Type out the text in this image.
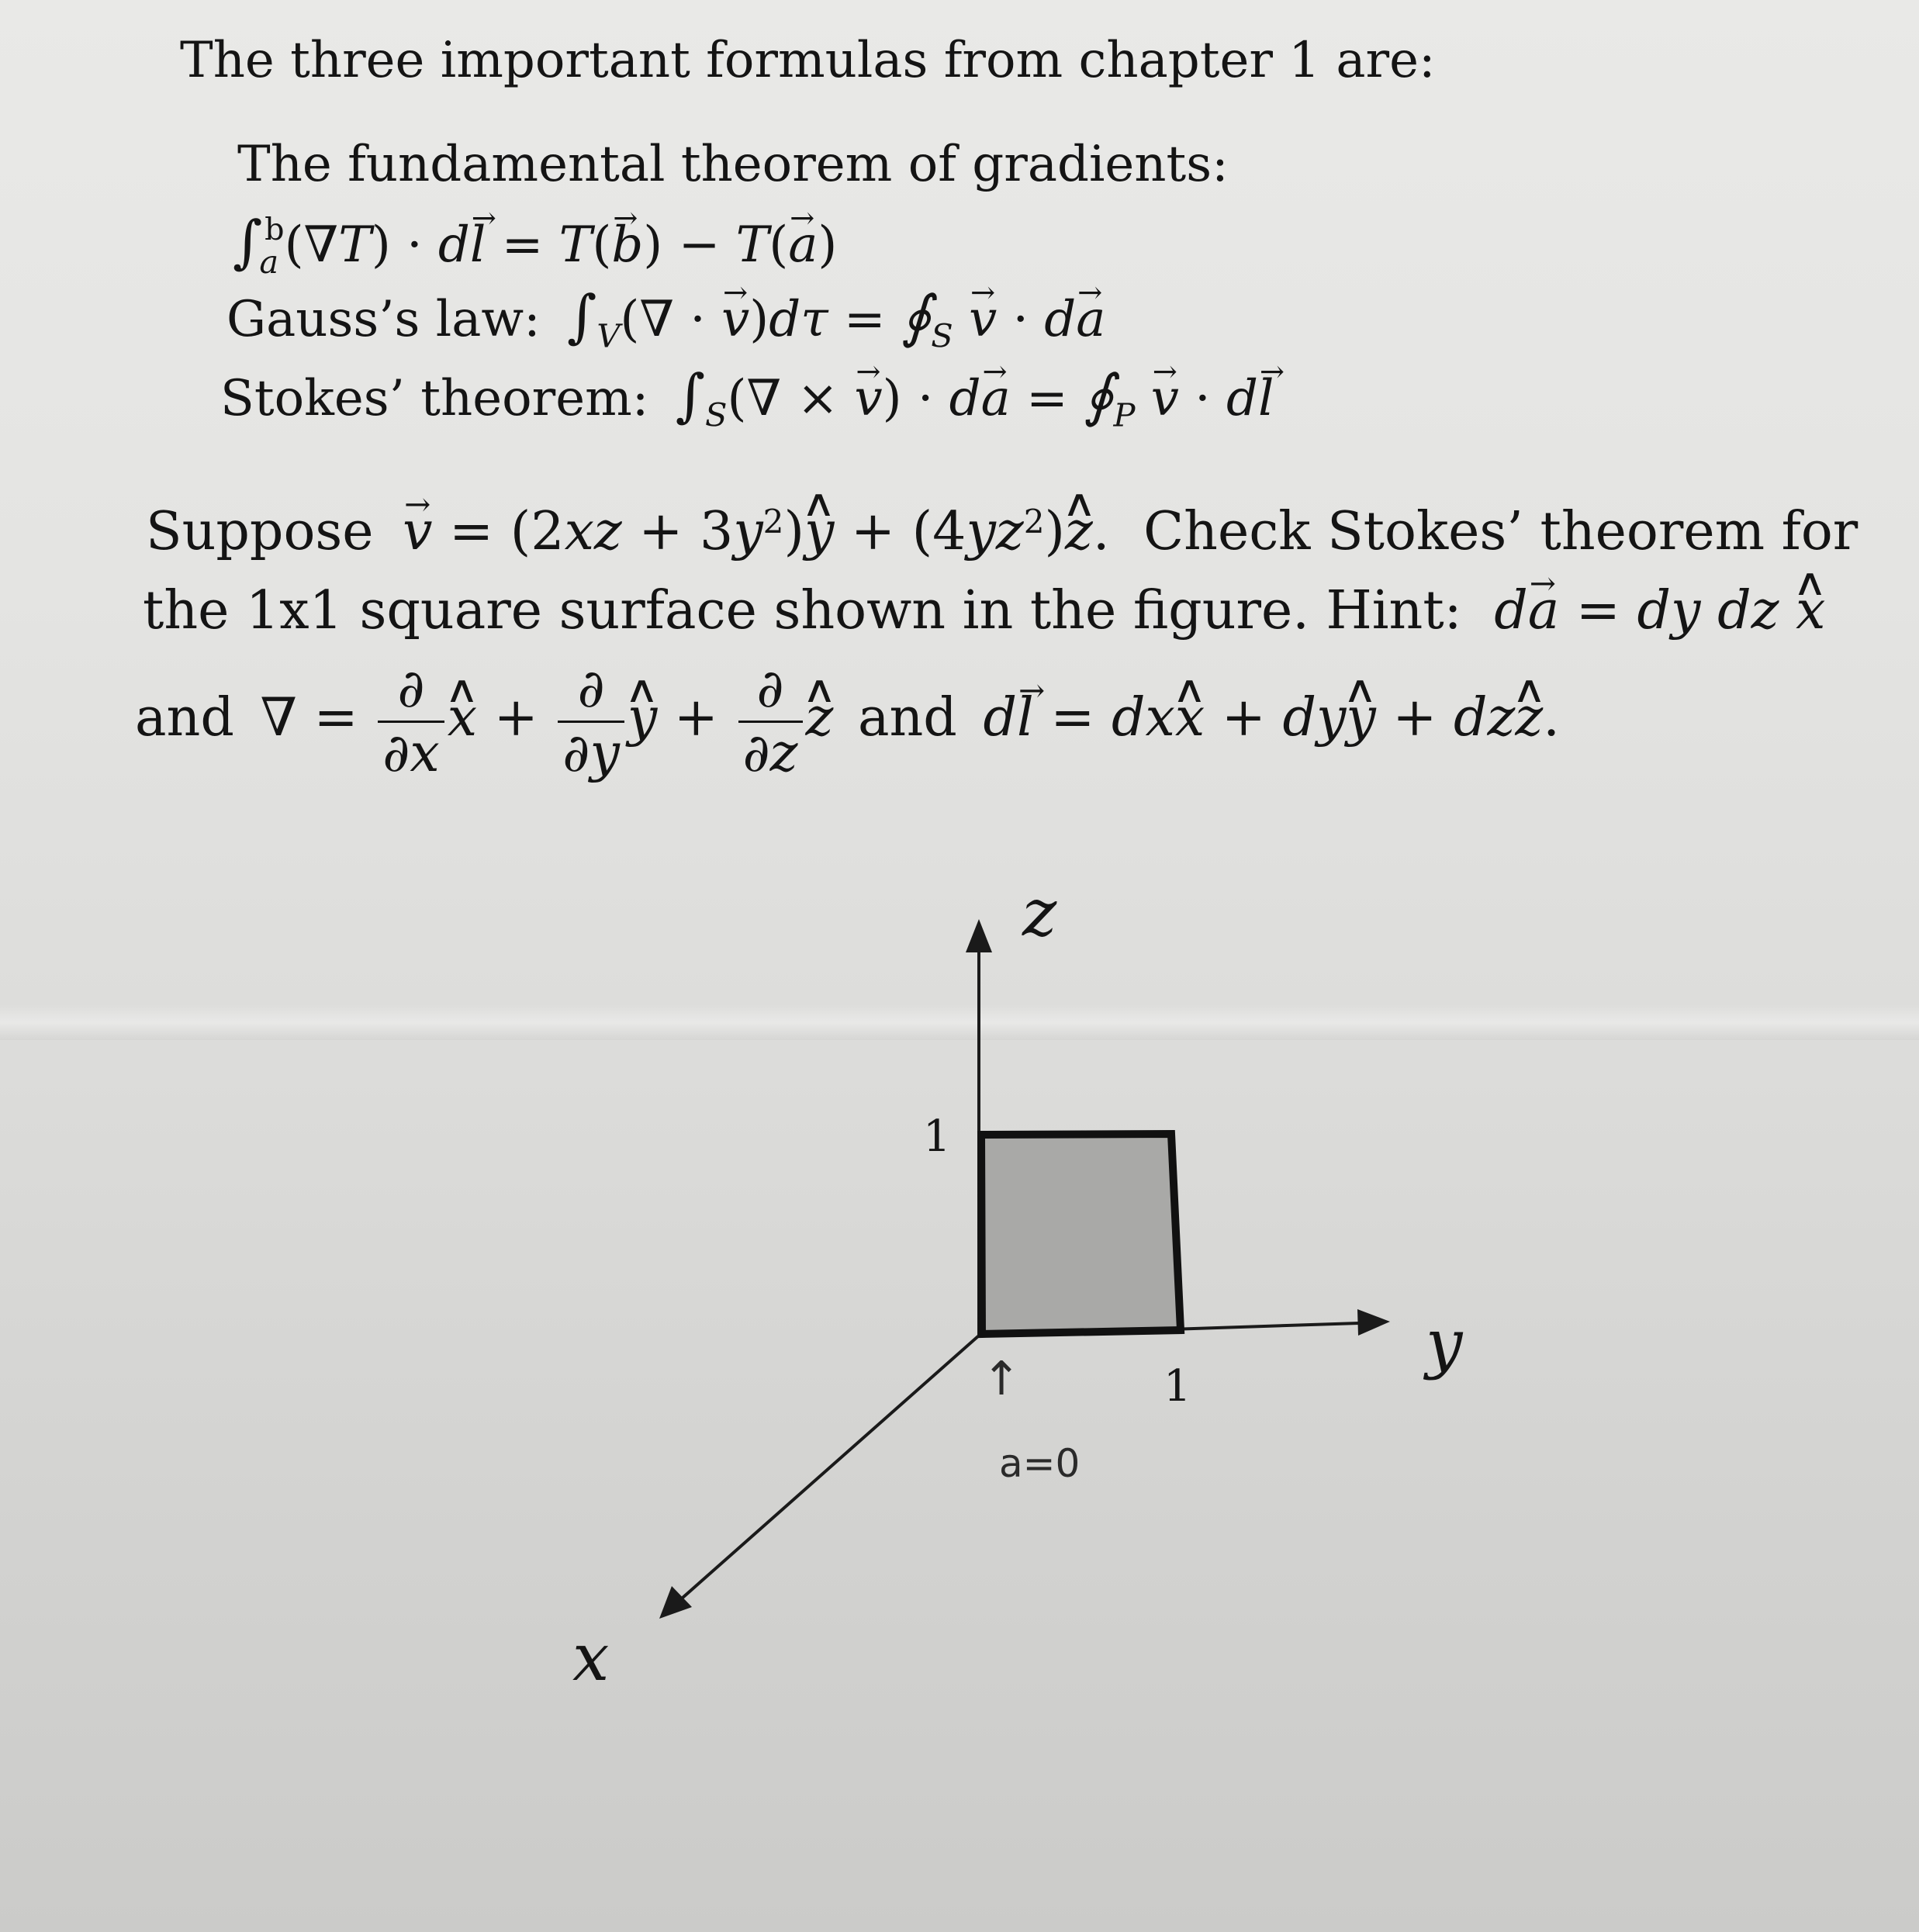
The three important formulas from chapter 1 are:
The fundamental theorem of gradients:
$\int_a^b(\nabla T)$ · dl → = T(b →) − T(a →)
Gauss’s law: $\int_V(\nabla \cdot v \to)d\tau$ = $∮_S$ v → · da →
Stokes’ theorem: $\int_S(\nabla \times v$ →) · da → = $∮_P$ v → · dl →
Suppose v → = $(2xz + 3y^2)y$ ∧ + $(4yz^2)z$ ∧. Check Stokes’ theorem for
the 1x1 square surface shown in the figure. Hint: da → = dy dz x ∧
and ∇ = $\frac{\partial}{\partial x}$ x ∧ + $\frac{\partial}{\partial y}$ y ∧ + $\frac{\partial}{\partial z}$ z ∧ and dl → = dxx ∧ + dyy ∧ + dzz ∧.
z
y
x
1
1
↑
a=0
